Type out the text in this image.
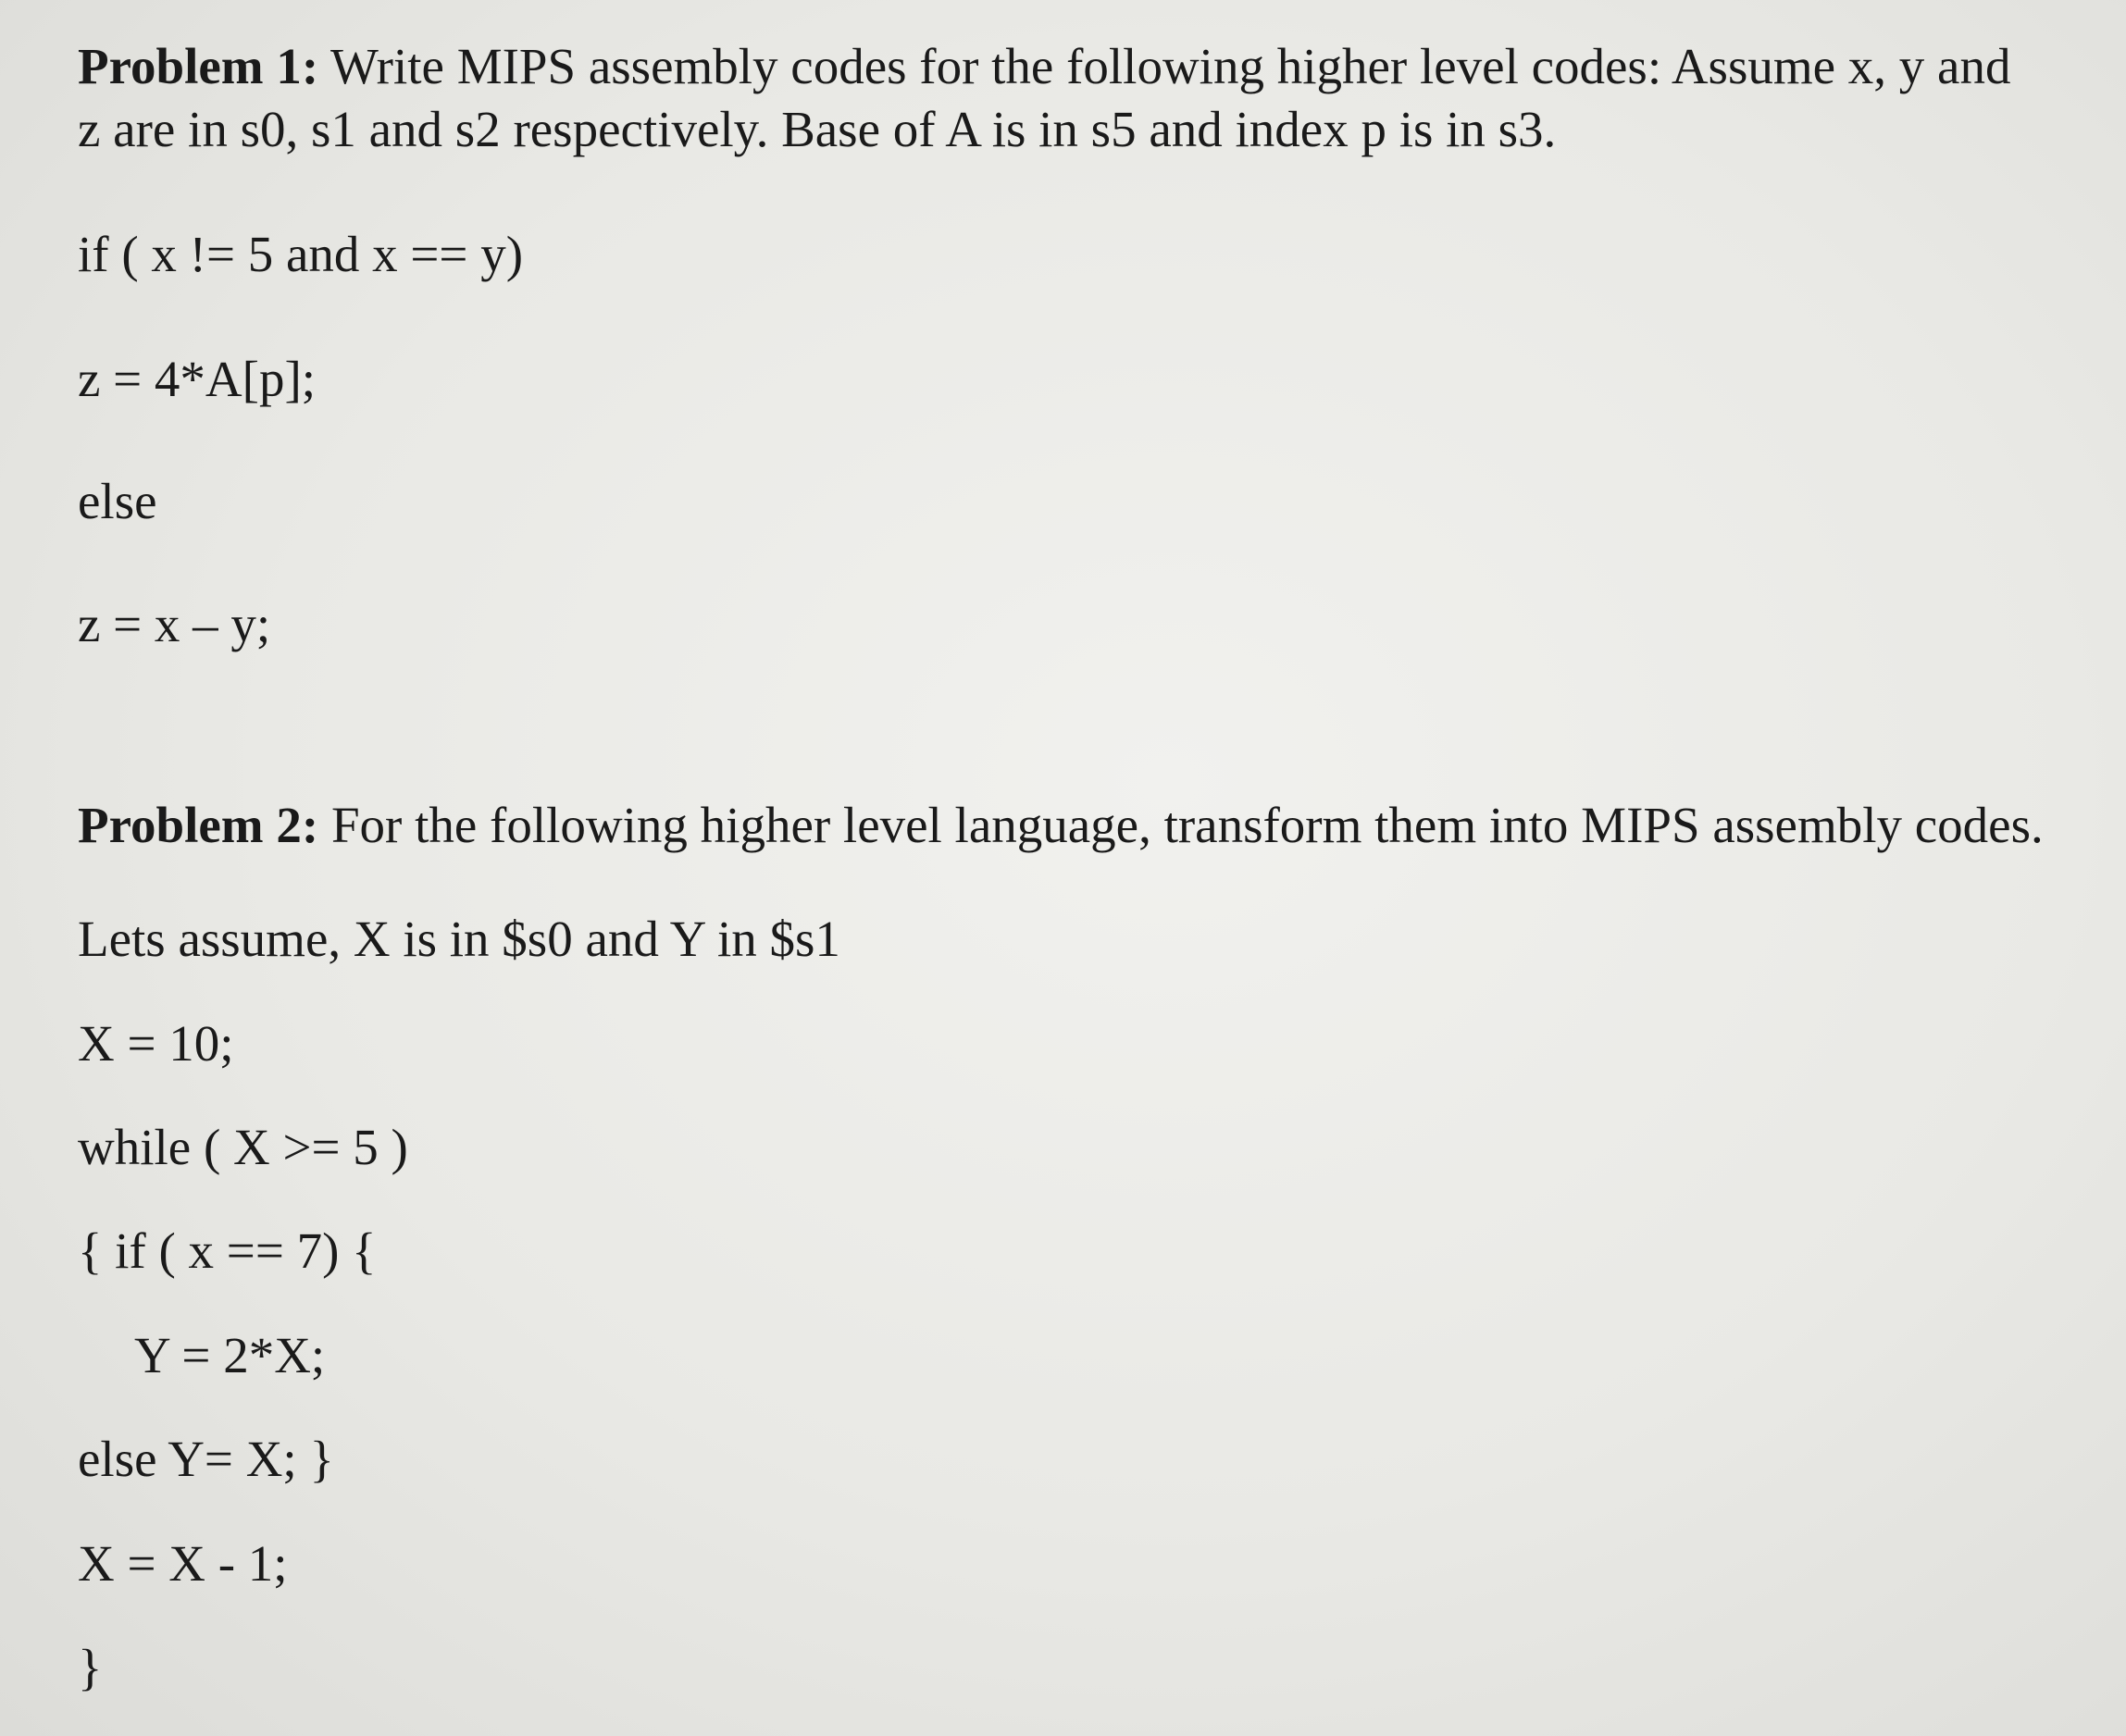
Problem 1: Write MIPS assembly codes for the following higher level codes: Assume x, y and
z are in s0, s1 and s2 respectively. Base of A is in s5 and index p is in s3.
if ( x != 5 and x == y)
z = 4*A[p];
else
z = x – y;
Problem 2: For the following higher level language, transform them into MIPS assembly codes.
Lets assume, X is in $s0 and Y in $s1
X = 10;
while ( X >= 5 )
{ if ( x == 7) {
Y = 2*X;
else Y= X; }
X = X - 1;
}
